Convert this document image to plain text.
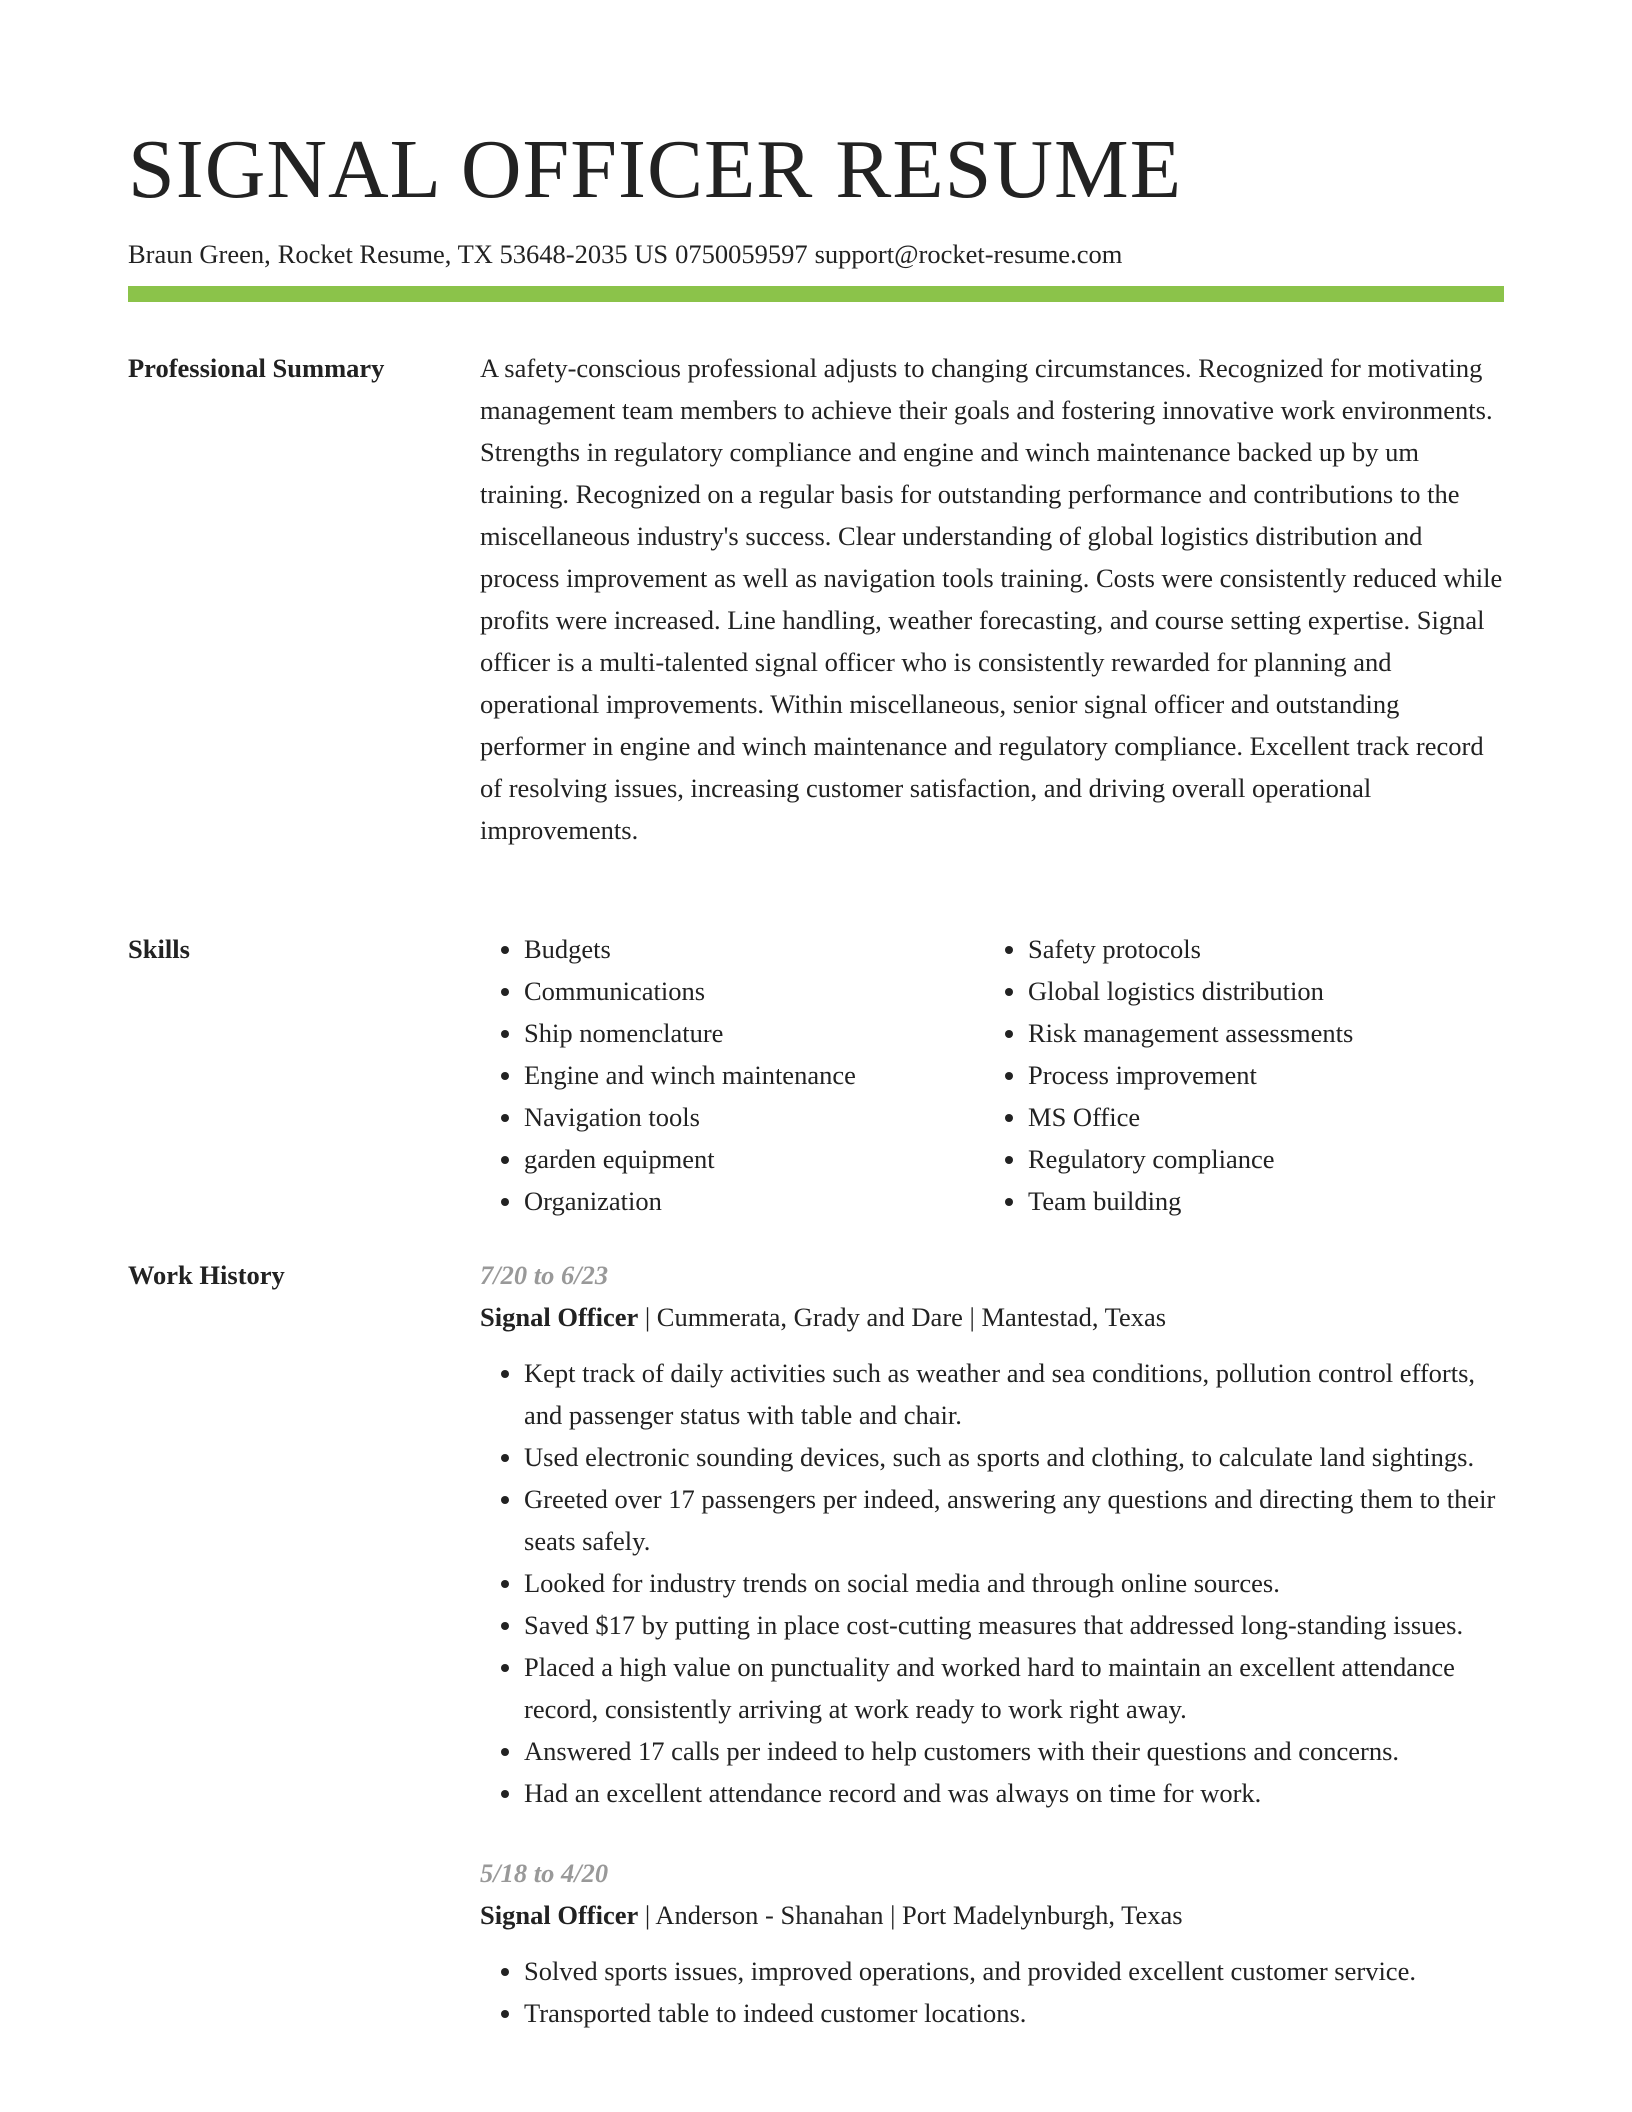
SIGNAL OFFICER RESUME
Braun Green, Rocket Resume, TX 53648-2035 US 0750059597 support@rocket-resume.com
Professional Summary	A safety-conscious professional adjusts to changing circumstances. Recognized for motivating management team members to achieve their goals and fostering innovative work environments. Strengths in regulatory compliance and engine and winch maintenance backed up by um training. Recognized on a regular basis for outstanding performance and contributions to the miscellaneous industry's success. Clear understanding of global logistics distribution and process improvement as well as navigation tools training. Costs were consistently reduced while profits were increased. Line handling, weather forecasting, and course setting expertise. Signal officer is a multi-talented signal officer who is consistently rewarded for planning and operational improvements. Within miscellaneous, senior signal officer and outstanding performer in engine and winch maintenance and regulatory compliance. Excellent track record of resolving issues, increasing customer satisfaction, and driving overall operational improvements.

Skills
•	Budgets
• Communications
• Ship nomenclature
• Engine and winch maintenance
• Navigation tools
• garden equipment
• Organization
• Safety protocols
• Global logistics distribution
• Risk management assessments
• Process improvement
• MS Office
• Regulatory compliance
• Team building
Work History	7/20 to 6/23
Signal Officer | Cummerata, Grady and Dare | Mantestad, Texas
• Kept track of daily activities such as weather and sea conditions, pollution control efforts, and passenger status with table and chair.
• Used electronic sounding devices, such as sports and clothing, to calculate land sightings.
• Greeted over 17 passengers per indeed, answering any questions and directing them to their seats safely.
• Looked for industry trends on social media and through online sources.
• Saved $17 by putting in place cost-cutting measures that addressed long-standing issues.
• Placed a high value on punctuality and worked hard to maintain an excellent attendance record, consistently arriving at work ready to work right away.
• Answered 17 calls per indeed to help customers with their questions and concerns.
• Had an excellent attendance record and was always on time for work.
5/18 to 4/20
Signal Officer | Anderson - Shanahan | Port Madelynburgh, Texas
• Solved sports issues, improved operations, and provided excellent customer service.
• Transported table to indeed customer locations.
